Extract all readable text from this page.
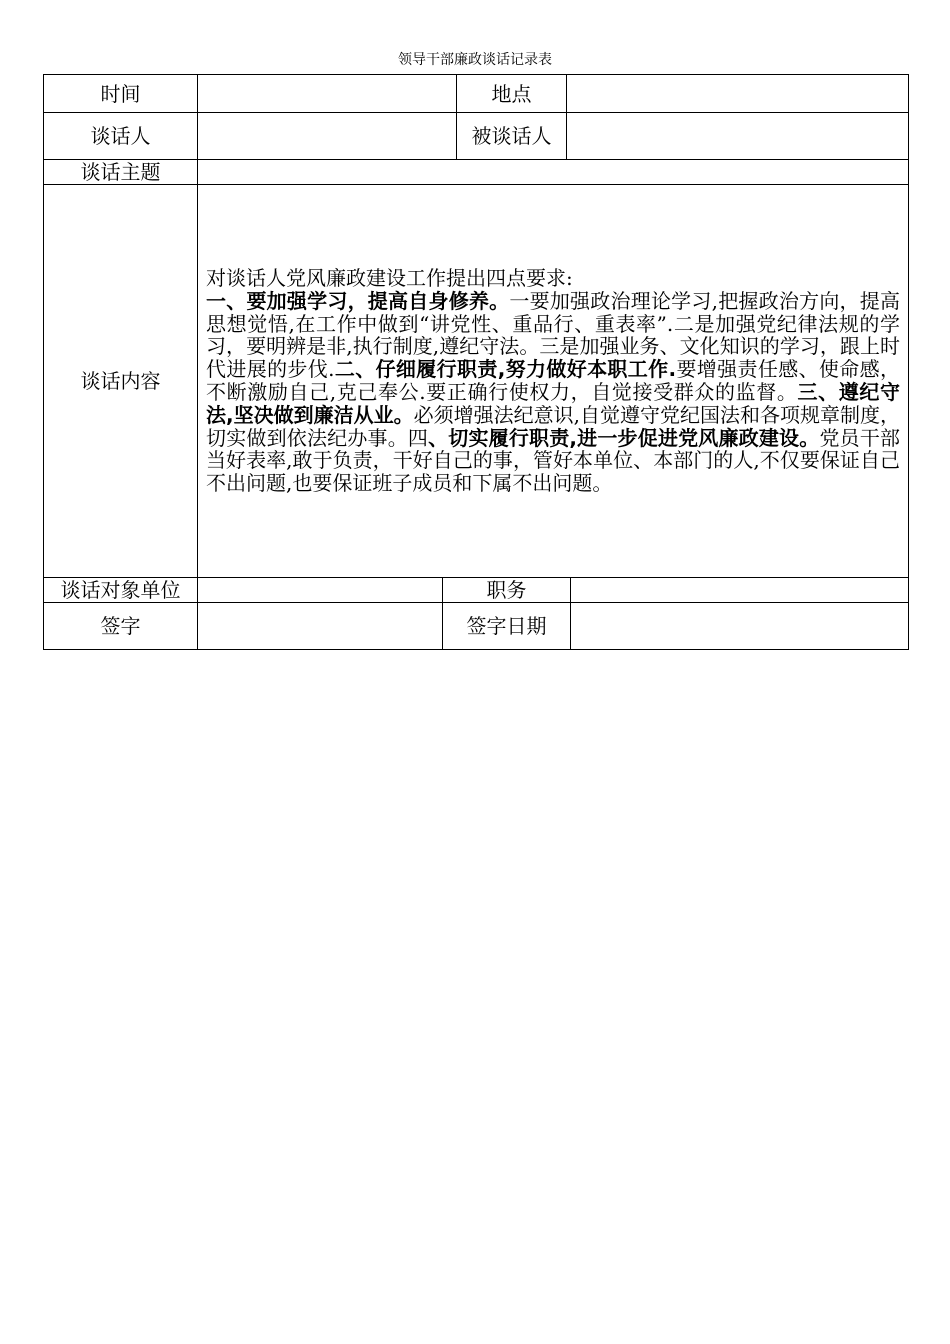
领导干部廉政谈话记录表
时间			地点		
谈话人			被谈话人		
谈话主题					
谈话内容	对谈话人党风廉政建设工作提出四点要求:

一、要加强学习，提高自身修养。一要加强政治理论学习,把握政治方向，提高思想觉悟,在工作中做到“讲党性、重品行、重表率”.二是加强党纪律法规的学习，要明辨是非,执行制度,遵纪守法。三是加强业务、文化知识的学习，跟上时代进展的步伐.二、仔细履行职责,努力做好本职工作.要增强责任感、使命感，不断激励自己,克己奉公.要正确行使权力，自觉接受群众的监督。三、遵纪守法,坚决做到廉洁从业。必须增强法纪意识,自觉遵守党纪国法和各项规章制度，切实做到依法纪办事。四、切实履行职责,进一步促进党风廉政建设。党员干部当好表率,敢于负责，干好自己的事，管好本单位、本部门的人,不仅要保证自己不出问题,也要保证班子成员和下属不出问题。				

谈话对象单位		职务			
签字		签字日期			
